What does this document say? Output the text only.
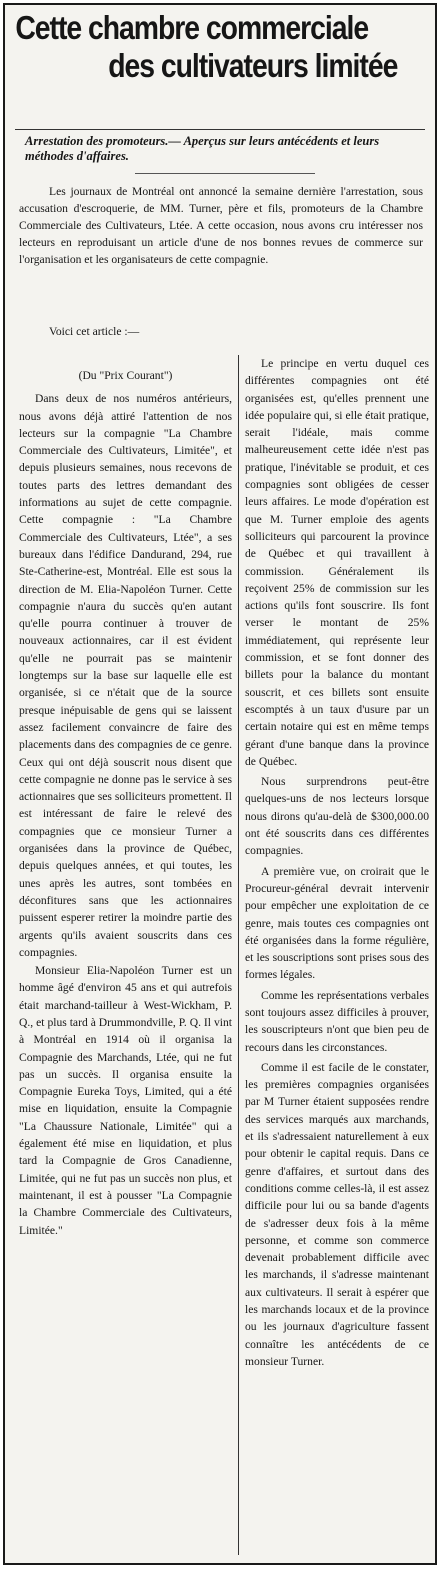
Cette chambre commerciale
des cultivateurs limitée
Arrestation des promoteurs.— Aperçus sur leurs antécédents et leurs méthodes d'affaires.

Les journaux de Montréal ont annoncé la semaine dernière l'arrestation, sous accusation d'escroquerie, de MM. Turner, père et fils, promoteurs de la Chambre Commerciale des Cultivateurs, Ltée. A cette occasion, nous avons cru intéresser nos lecteurs en reproduisant un article d'une de nos bonnes revues de commerce sur l'organisation et les organisateurs de cette compagnie.

Voici cet article :—

(Du "Prix Courant")

Dans deux de nos numéros antérieurs, nous avons déjà attiré l'attention de nos lecteurs sur la compagnie "La Chambre Commerciale des Cultivateurs, Limitée", et depuis plusieurs semaines, nous recevons de toutes parts des lettres demandant des informations au sujet de cette compagnie. Cette compagnie : "La Chambre Commerciale des Cultivateurs, Ltée", a ses bureaux dans l'édifice Dandurand, 294, rue Ste-Catherine-est, Montréal. Elle est sous la direction de M. Elia-Napoléon Turner. Cette compagnie n'aura du succès qu'en autant qu'elle pourra continuer à trouver de nouveaux actionnaires, car il est évident qu'elle ne pourrait pas se maintenir longtemps sur la base sur laquelle elle est organisée, si ce n'était que de la source presque inépuisable de gens qui se laissent assez facilement convaincre de faire des placements dans des compagnies de ce genre. Ceux qui ont déjà souscrit nous disent que cette compagnie ne donne pas le service à ses actionnaires que ses solliciteurs promettent. Il est intéressant de faire le relevé des compagnies que ce monsieur Turner a organisées dans la province de Québec, depuis quelques années, et qui toutes, les unes après les autres, sont tombées en déconfitures sans que les actionnaires puissent esperer retirer la moindre partie des argents qu'ils avaient souscrits dans ces compagnies.

Monsieur Elia-Napoléon Turner est un homme âgé d'environ 45 ans et qui autrefois était marchand-tailleur à West-Wickham, P. Q., et plus tard à Drummondville, P. Q. Il vint à Montréal en 1914 où il organisa la Compagnie des Marchands, Ltée, qui ne fut pas un succès. Il organisa ensuite la Compagnie Eureka Toys, Limited, qui a été mise en liquidation, ensuite la Compagnie "La Chaussure Nationale, Limitée" qui a également été mise en liquidation, et plus tard la Compagnie de Gros Canadienne, Limitée, qui ne fut pas un succès non plus, et maintenant, il est à pousser "La Compagnie la Chambre Commerciale des Cultivateurs, Limitée."

Le principe en vertu duquel ces différentes compagnies ont été organisées est, qu'elles prennent une idée populaire qui, si elle était pratique, serait l'idéale, mais comme malheureusement cette idée n'est pas pratique, l'inévitable se produit, et ces compagnies sont obligées de cesser leurs affaires. Le mode d'opération est que M. Turner emploie des agents solliciteurs qui parcourent la province de Québec et qui travaillent à commission. Généralement ils reçoivent 25% de commission sur les actions qu'ils font souscrire. Ils font verser le montant de 25% immédiatement, qui représente leur commission, et se font donner des billets pour la balance du montant souscrit, et ces billets sont ensuite escomptés à un taux d'usure par un certain notaire qui est en même temps gérant d'une banque dans la province de Québec.

Nous surprendrons peut-être quelques-uns de nos lecteurs lorsque nous dirons qu'au-delà de $300,000.00 ont été souscrits dans ces différentes compagnies.

A première vue, on croirait que le Procureur-général devrait intervenir pour empêcher une exploitation de ce genre, mais toutes ces compagnies ont été organisées dans la forme régulière, et les souscriptions sont prises sous des formes légales.

Comme les représentations verbales sont toujours assez difficiles à prouver, les souscripteurs n'ont que bien peu de recours dans les circonstances.

Comme il est facile de le constater, les premières compagnies organisées par M Turner étaient supposées rendre des services marqués aux marchands, et ils s'adressaient naturellement à eux pour obtenir le capital requis. Dans ce genre d'affaires, et surtout dans des conditions comme celles-là, il est assez difficile pour lui ou sa bande d'agents de s'adresser deux fois à la même personne, et comme son commerce devenait probablement difficile avec les marchands, il s'adresse maintenant aux cultivateurs. Il serait à espérer que les marchands locaux et de la province ou les journaux d'agriculture fassent connaître les antécédents de ce monsieur Turner.
